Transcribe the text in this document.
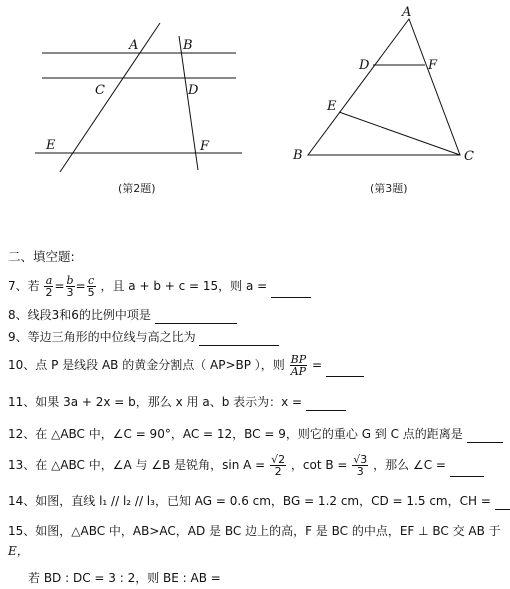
A	B
C	D
E	F
(第2题)
A
B	C
D
E
F
(第3题)
二、填空题:
7、若 $\frac{a}{2} = \frac{b}{3} = \frac{c}{5}$ ，且 a + b + c = 15，则 a =
8、线段3和6的比例中项是
9、等边三角形的中位线与高之比为
10、点 P 是线段 AB 的黄金分割点（ AP>BP ），则 $\frac{BP}{AP}$ =
11、如果 3a + 2x = b，那么 x 用 a、b 表示为：x =
12、在 △ABC 中，∠C = 90°，AC = 12，BC = 9，则它的重心 G 到 C 点的距离是
13、在 △ABC 中，∠A 与 ∠B 是锐角，$\sin A = \frac{√2}{2}$ ，$\cot B = \frac{√3}{3}$ ，那么 ∠C =
14、如图，直线 l₁ // l₂ // l₃，已知 AG = 0.6 cm，BG = 1.2 cm，CD = 1.5 cm，CH =
15、如图，△ABC 中，AB>AC，AD 是 BC 边上的高，F 是 BC 的中点，EF ⊥ BC 交 AB 于
E，
若 BD : DC = 3 : 2，则 BE : AB =
